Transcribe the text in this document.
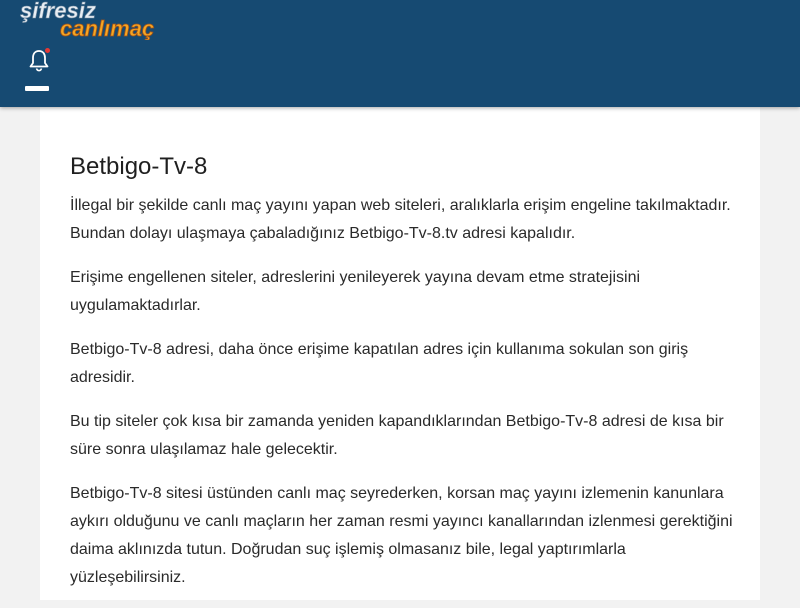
şifresiz
canlımaç
Betbigo-Tv-8

İllegal bir şekilde canlı maç yayını yapan web siteleri, aralıklarla erişim engeline takılmaktadır. Bundan dolayı ulaşmaya çabaladığınız Betbigo-Tv-8.tv adresi kapalıdır.

Erişime engellenen siteler, adreslerini yenileyerek yayına devam etme stratejisini uygulamaktadırlar.

Betbigo-Tv-8 adresi, daha önce erişime kapatılan adres için kullanıma sokulan son giriş adresidir.

Bu tip siteler çok kısa bir zamanda yeniden kapandıklarından Betbigo-Tv-8 adresi de kısa bir süre sonra ulaşılamaz hale gelecektir.

Betbigo-Tv-8 sitesi üstünden canlı maç seyrederken, korsan maç yayını izlemenin kanunlara aykırı olduğunu ve canlı maçların her zaman resmi yayıncı kanallarından izlenmesi gerektiğini daima aklınızda tutun. Doğrudan suç işlemiş olmasanız bile, legal yaptırımlarla yüzleşebilirsiniz.
